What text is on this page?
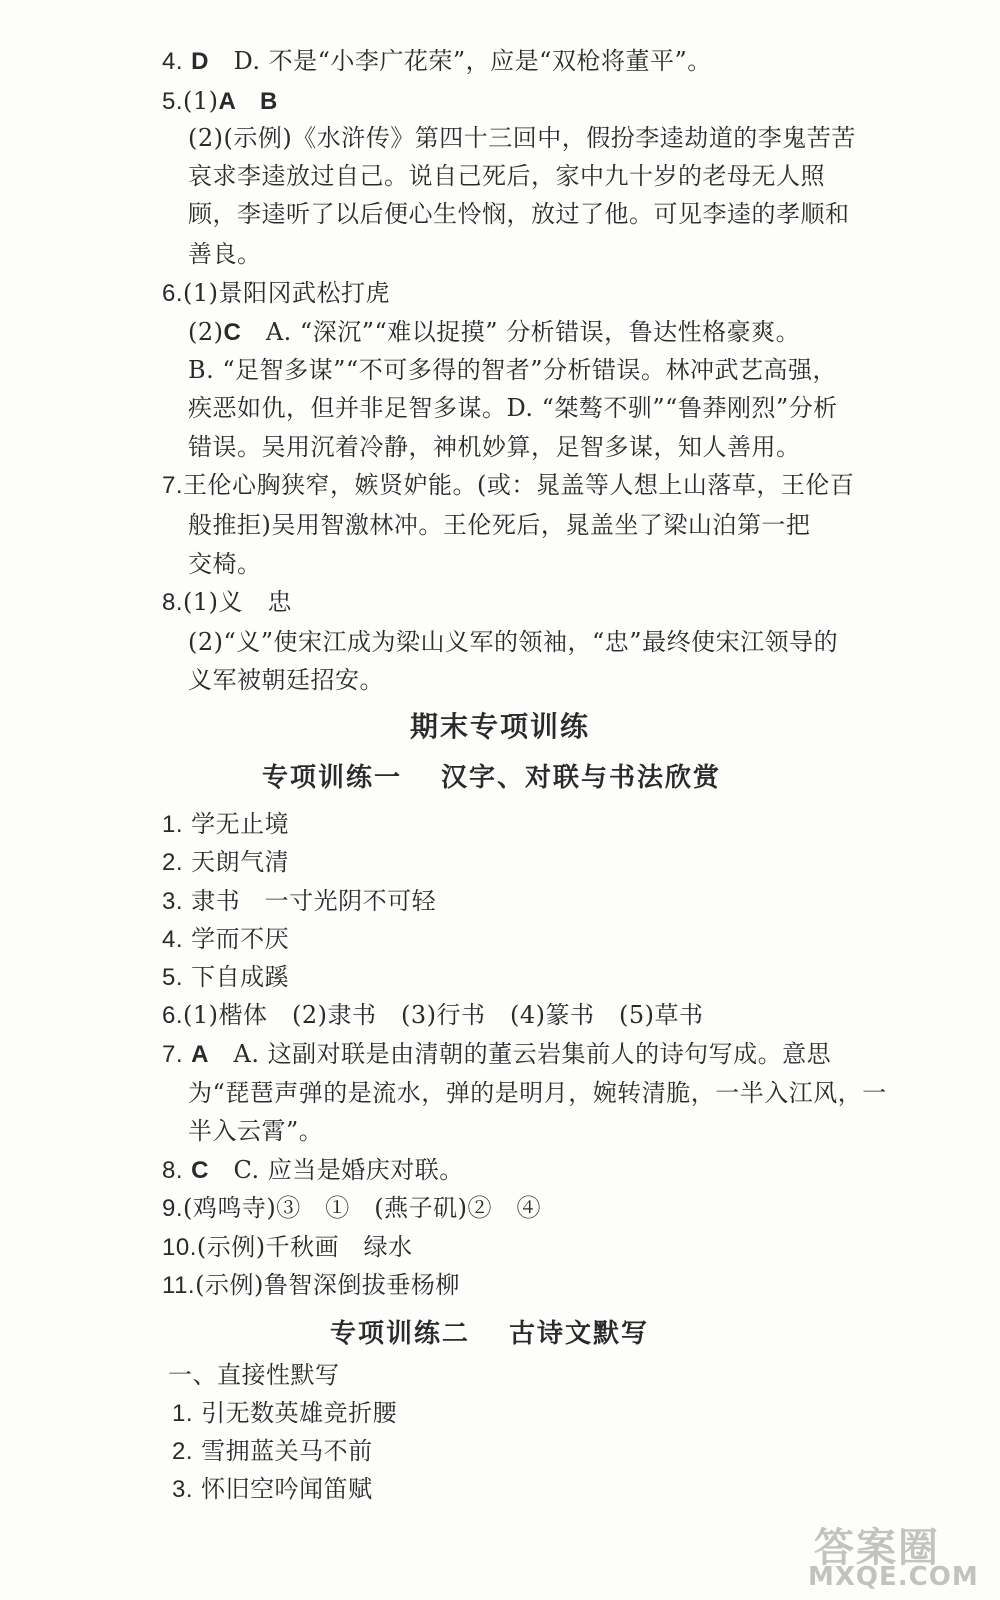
4. D　 D. 不是“小李广花荣”，应是“双枪将董平”。
5.(1)A　B
(2)(示例)《水浒传》第四十三回中，假扮李逵劫道的李鬼苦苦
哀求李逵放过自己。说自己死后，家中九十岁的老母无人照
顾，李逵听了以后便心生怜悯，放过了他。可见李逵的孝顺和
善良。
6.(1)景阳冈武松打虎
(2)C　 A. “深沉”“难以捉摸” 分析错误，鲁达性格豪爽。
B. “足智多谋”“不可多得的智者”分析错误。林冲武艺高强，
疾恶如仇，但并非足智多谋。D. “桀骜不驯”“鲁莽刚烈”分析
错误。吴用沉着冷静，神机妙算，足智多谋，知人善用。
7.王伦心胸狭窄，嫉贤妒能。(或：晁盖等人想上山落草，王伦百
般推拒)吴用智激林冲。王伦死后，晁盖坐了梁山泊第一把
交椅。
8.(1)义　忠
(2)“义”使宋江成为梁山义军的领袖，“忠”最终使宋江领导的
义军被朝廷招安。
期末专项训练
专项训练一　 汉字、对联与书法欣赏
1. 学无止境
2. 天朗气清
3. 隶书　一寸光阴不可轻
4. 学而不厌
5. 下自成蹊
6.(1)楷体　(2)隶书　(3)行书　(4)篆书　(5)草书
7. A　 A. 这副对联是由清朝的董云岩集前人的诗句写成。意思
为“琵琶声弹的是流水，弹的是明月，婉转清脆，一半入江风，一
半入云霄”。
8. C　 C. 应当是婚庆对联。
9.(鸡鸣寺)③　①　(燕子矶)②　④
10.(示例)千秋画　绿水
11.(示例)鲁智深倒拔垂杨柳
专项训练二　 古诗文默写
一、直接性默写
1. 引无数英雄竞折腰
2. 雪拥蓝关马不前
3. 怀旧空吟闻笛赋
答案圈
MXQE.COM
